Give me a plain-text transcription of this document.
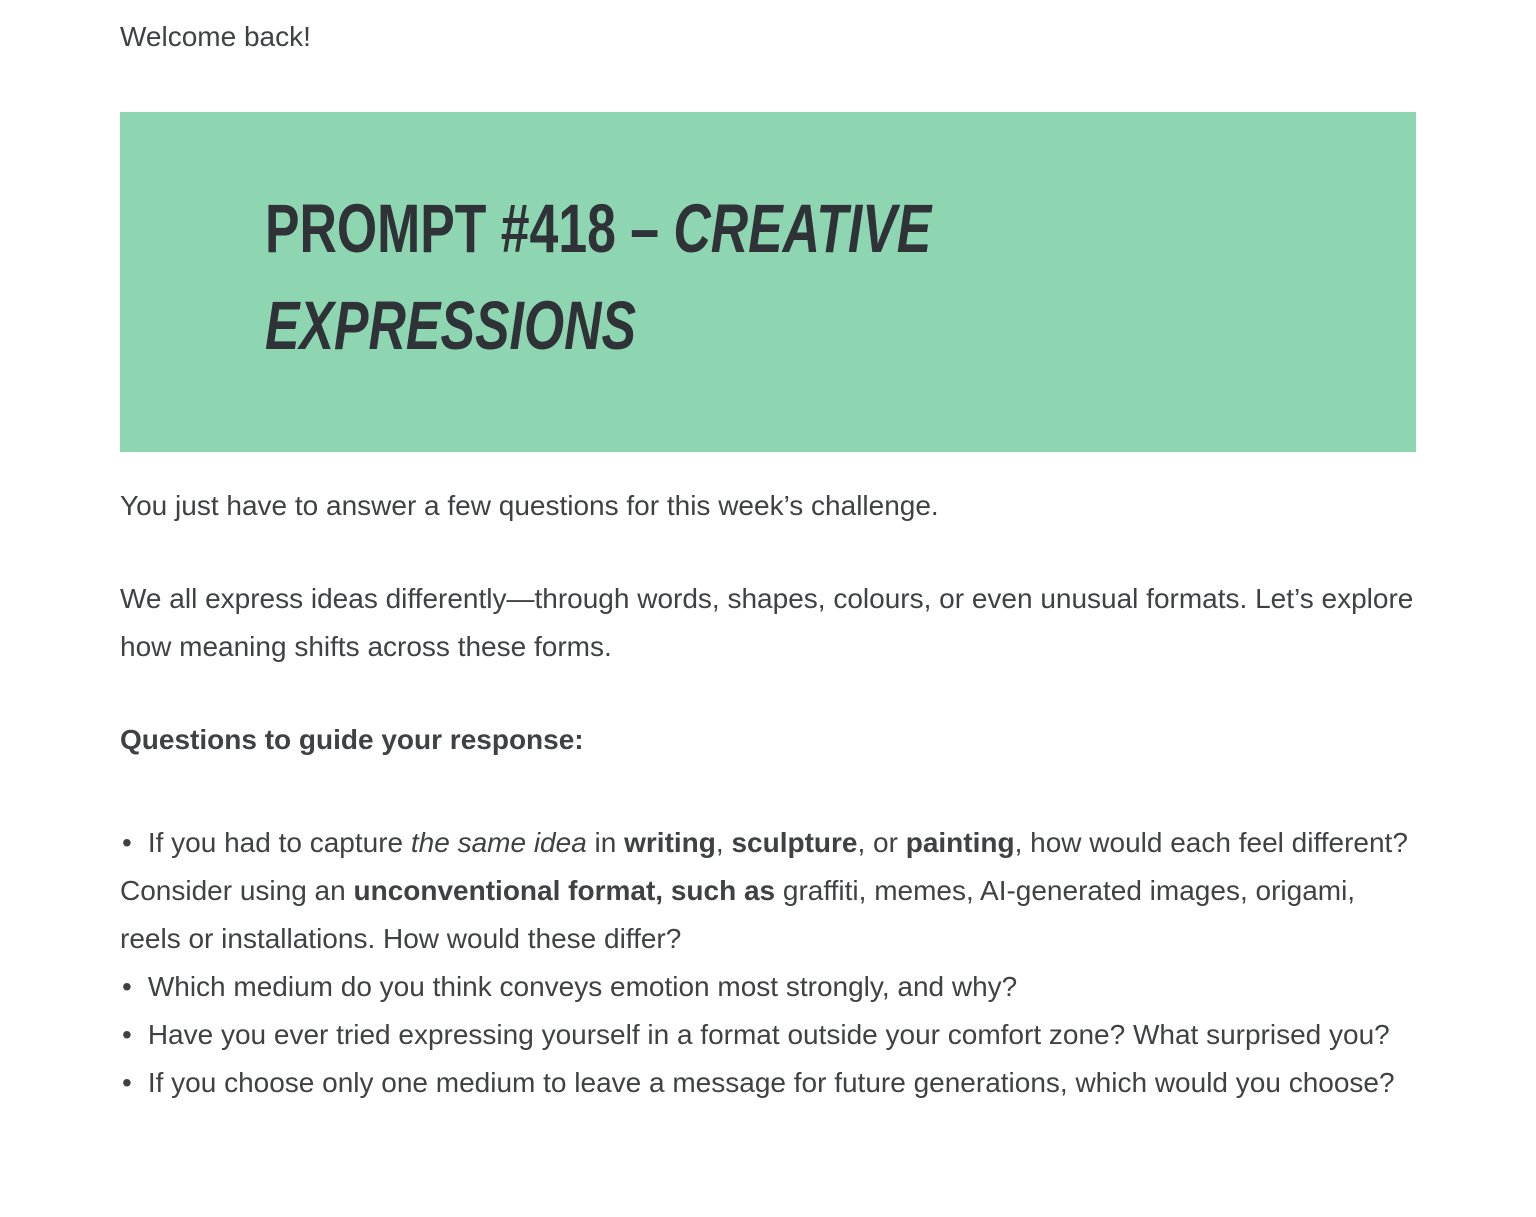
Welcome back!

PROMPT #418 – CREATIVE EXPRESSIONS

You just have to answer a few questions for this week’s challenge.

We all express ideas differently—through words, shapes, colours, or even unusual formats. Let’s explore how meaning shifts across these forms.

Questions to guide your response:

• If you had to capture the same idea in writing, sculpture, or painting, how would each feel different? Consider using an unconventional format, such as graffiti, memes, AI-generated images, origami, reels or installations. How would these differ?
• Which medium do you think conveys emotion most strongly, and why?
• Have you ever tried expressing yourself in a format outside your comfort zone? What surprised you?
• If you choose only one medium to leave a message for future generations, which would you choose?
